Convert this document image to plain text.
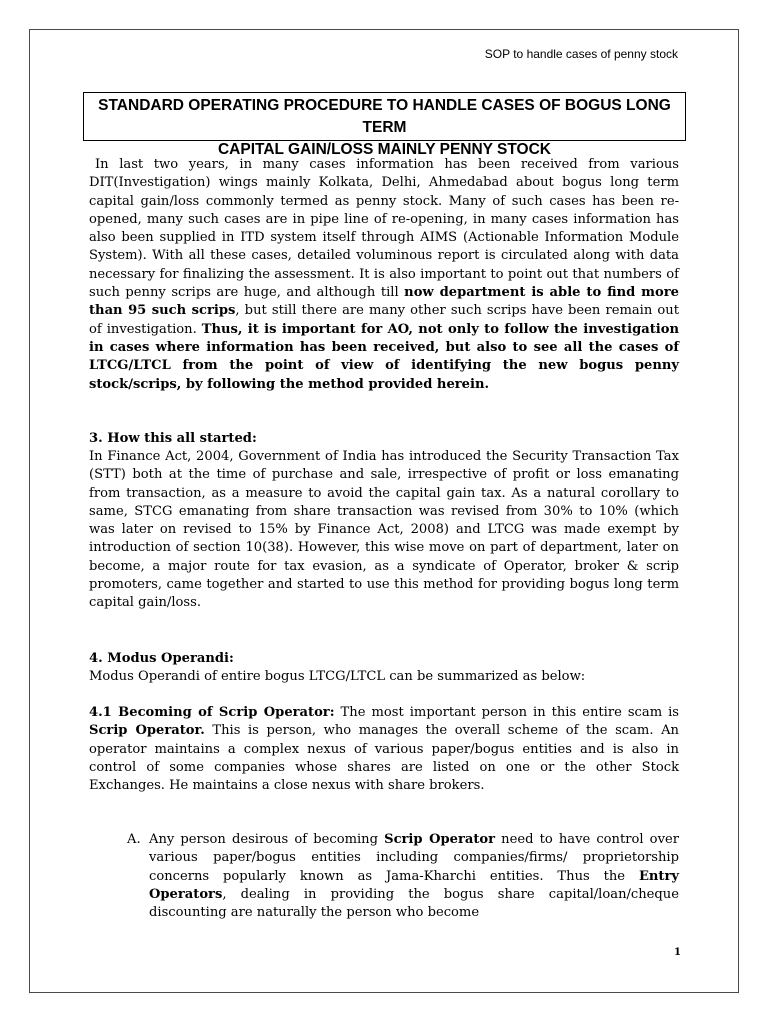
SOP to handle cases of penny stock
STANDARD OPERATING PROCEDURE TO HANDLE CASES OF BOGUS LONG TERM
CAPITAL GAIN/LOSS MAINLY PENNY STOCK

In last two years, in many cases information has been received from various DIT(Investigation) wings mainly Kolkata, Delhi, Ahmedabad about bogus long term capital gain/loss commonly termed as penny stock. Many of such cases has been re-opened, many such cases are in pipe line of re-opening, in many cases information has also been supplied in ITD system itself through AIMS (Actionable Information Module System). With all these cases, detailed voluminous report is circulated along with data necessary for finalizing the assessment. It is also important to point out that numbers of such penny scrips are huge, and although till now department is able to find more than 95 such scrips, but still there are many other such scrips have been remain out of investigation. Thus, it is important for AO, not only to follow the investigation in cases where information has been received, but also to see all the cases of LTCG/LTCL from the point of view of identifying the new bogus penny stock/scrips, by following the method provided herein.

3. How this all started:

In Finance Act, 2004, Government of India has introduced the Security Transaction Tax (STT) both at the time of purchase and sale, irrespective of profit or loss emanating from transaction, as a measure to avoid the capital gain tax. As a natural corollary to same, STCG emanating from share transaction was revised from 30% to 10% (which was later on revised to 15% by Finance Act, 2008) and LTCG was made exempt by introduction of section 10(38). However, this wise move on part of department, later on become, a major route for tax evasion, as a syndicate of Operator, broker & scrip promoters, came together and started to use this method for providing bogus long term capital gain/loss.

4. Modus Operandi:

Modus Operandi of entire bogus LTCG/LTCL can be summarized as below:

4.1 Becoming of Scrip Operator: The most important person in this entire scam is Scrip Operator. This is person, who manages the overall scheme of the scam. An operator maintains a complex nexus of various paper/bogus entities and is also in control of some companies whose shares are listed on one or the other Stock Exchanges. He maintains a close nexus with share brokers.

A. Any person desirous of becoming Scrip Operator need to have control over various paper/bogus entities including companies/firms/ proprietorship concerns popularly known as Jama-Kharchi entities. Thus the Entry Operators, dealing in providing the bogus share capital/loan/cheque discounting are naturally the person who become
1
